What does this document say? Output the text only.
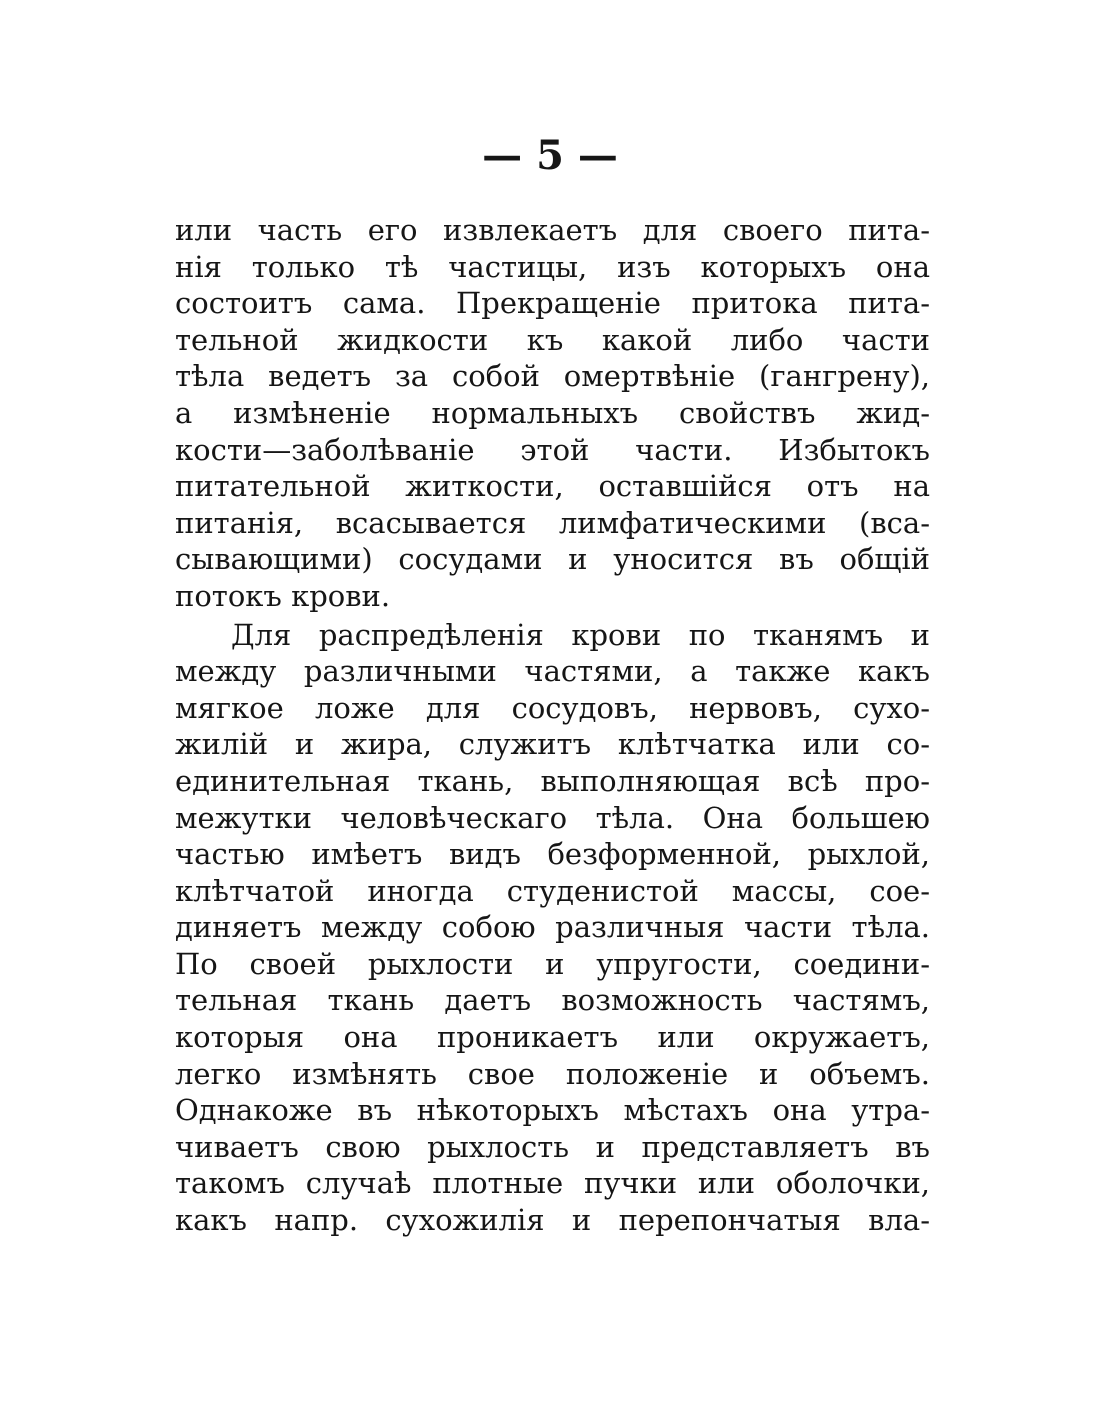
— 5 —
или часть его извлекаетъ для своего пита-
нія только тѣ частицы, изъ которыхъ она
состоитъ сама. Прекращеніе притока пита-
тельной жидкости къ какой либо части
тѣла ведетъ за собой омертвѣніе (гангрену),
а измѣненіе нормальныхъ свойствъ жид-
кости—заболѣваніе этой части. Избытокъ
питательной житкости, оставшійся отъ на
питанія, всасывается лимфатическими (вса-
сывающими) сосудами и уносится въ общій
потокъ крови.
Для распредѣленія крови по тканямъ и
между различными частями, а также какъ
мягкое ложе для сосудовъ, нервовъ, сухо-
жилій и жира, служитъ клѣтчатка или со-
единительная ткань, выполняющая всѣ про-
межутки человѣческаго тѣла. Она большею
частью имѣетъ видъ безформенной, рыхлой,
клѣтчатой иногда студенистой массы, сое-
диняетъ между собою различныя части тѣла.
По своей рыхлости и упругости, соедини-
тельная ткань даетъ возможность частямъ,
которыя она проникаетъ или окружаетъ,
легко измѣнять свое положеніе и объемъ.
Однакоже въ нѣкоторыхъ мѣстахъ она утра-
чиваетъ свою рыхлость и представляетъ въ
такомъ случаѣ плотные пучки или оболочки,
какъ напр. сухожилія и перепончатыя вла-
